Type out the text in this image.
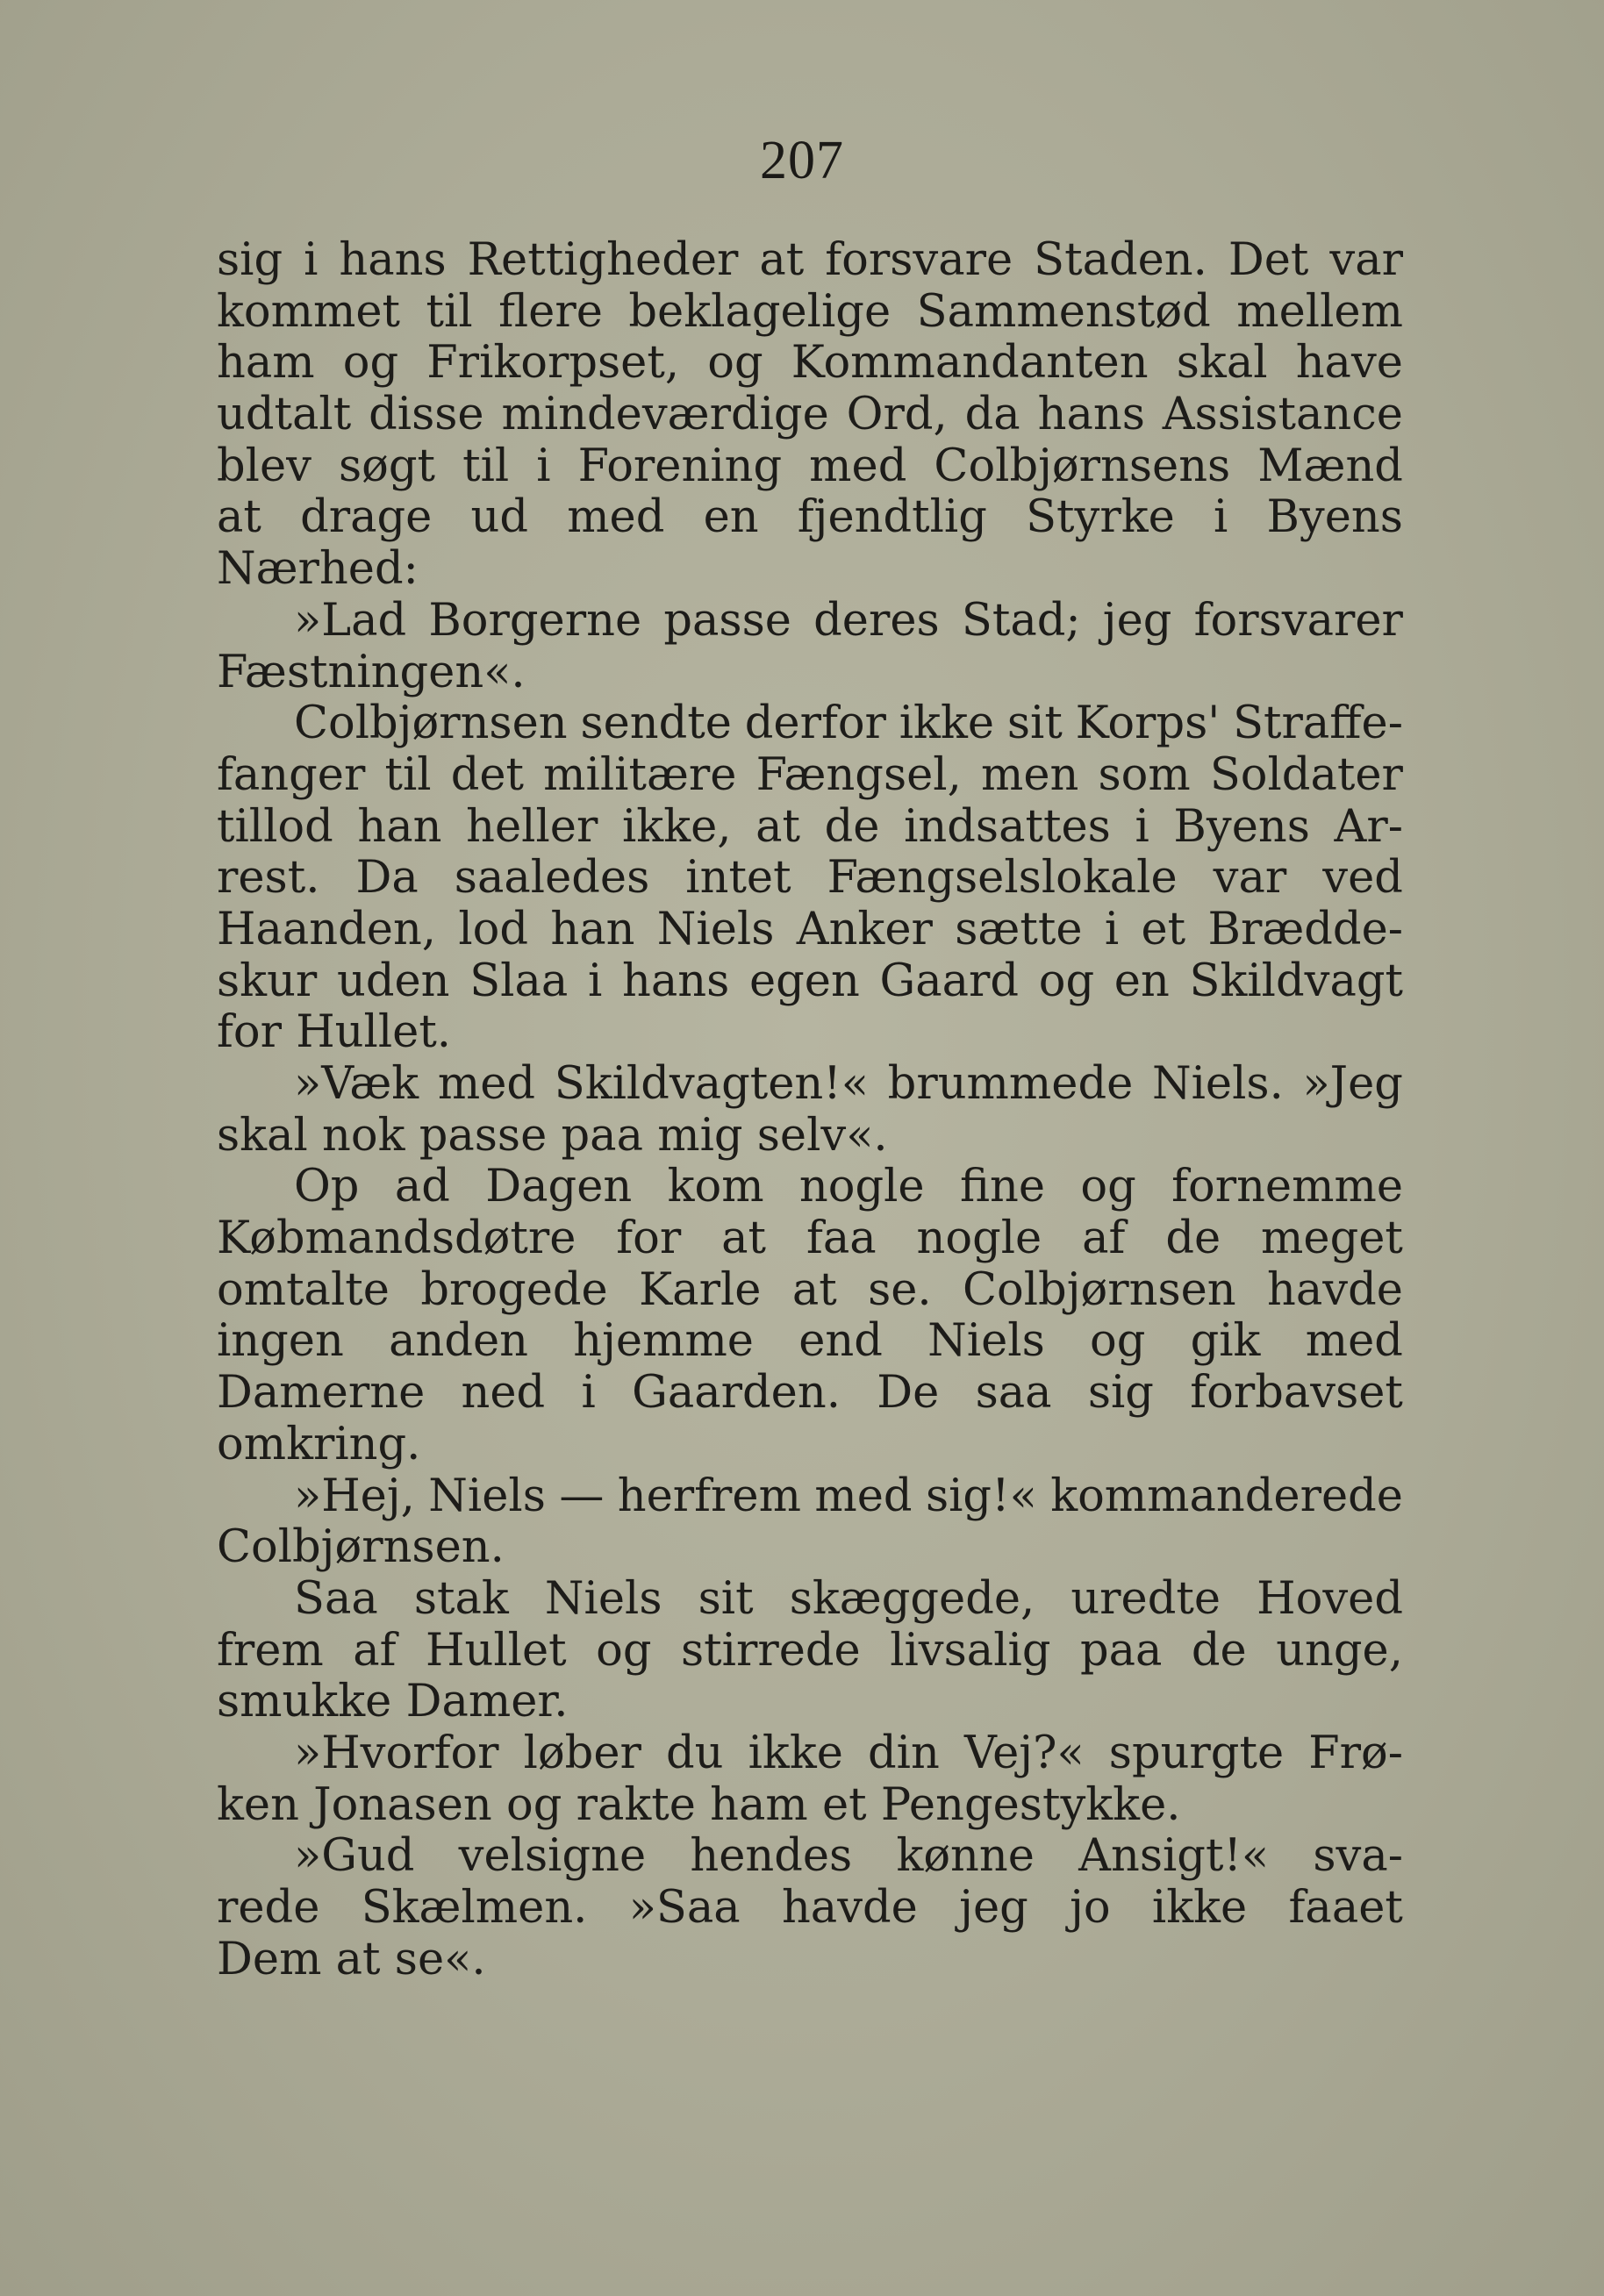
207
sig i hans Rettigheder at forsvare Staden. Det var
kommet til flere beklagelige Sammenstød mellem
ham og Frikorpset, og Kommandanten skal have
udtalt disse mindeværdige Ord, da hans Assistance
blev søgt til i Forening med Colbjørnsens Mænd
at drage ud med en fjendtlig Styrke i Byens
Nærhed:
»Lad Borgerne passe deres Stad; jeg forsvarer
Fæstningen«.
Colbjørnsen sendte derfor ikke sit Korps' Straffe-
fanger til det militære Fængsel, men som Soldater
tillod han heller ikke, at de indsattes i Byens Ar-
rest. Da saaledes intet Fængselslokale var ved
Haanden, lod han Niels Anker sætte i et Brædde-
skur uden Slaa i hans egen Gaard og en Skildvagt
for Hullet.
»Væk med Skildvagten!« brummede Niels. »Jeg
skal nok passe paa mig selv«.
Op ad Dagen kom nogle fine og fornemme
Købmandsdøtre for at faa nogle af de meget
omtalte brogede Karle at se. Colbjørnsen havde
ingen anden hjemme end Niels og gik med
Damerne ned i Gaarden. De saa sig forbavset
omkring.
»Hej, Niels — herfrem med sig!« kommanderede
Colbjørnsen.
Saa stak Niels sit skæggede, uredte Hoved
frem af Hullet og stirrede livsalig paa de unge,
smukke Damer.
»Hvorfor løber du ikke din Vej?« spurgte Frø-
ken Jonasen og rakte ham et Pengestykke.
»Gud velsigne hendes kønne Ansigt!« sva-
rede Skælmen. »Saa havde jeg jo ikke faaet
Dem at se«.
